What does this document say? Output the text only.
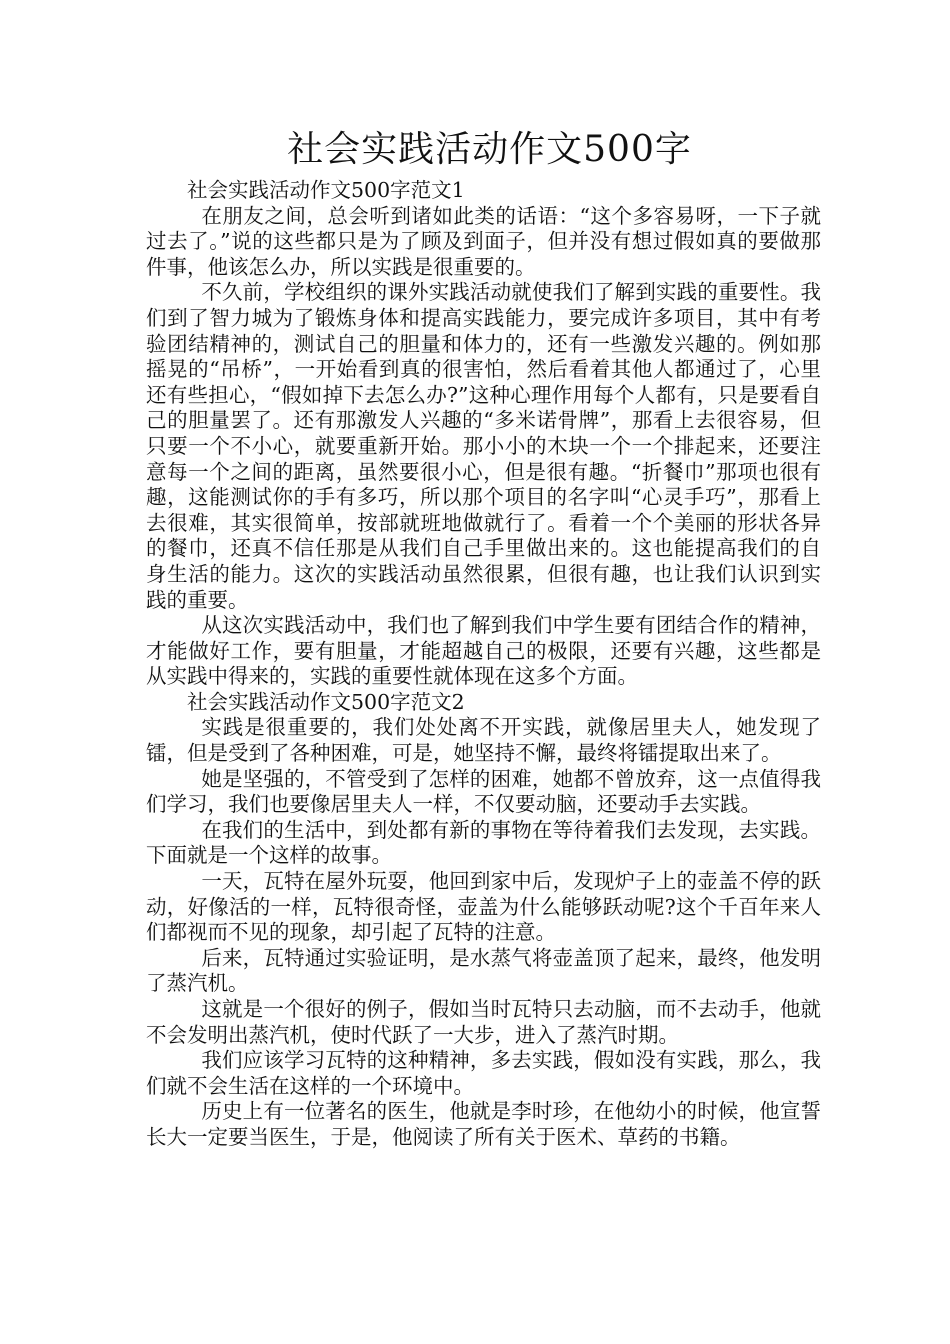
社会实践活动作文500字

社会实践活动作文500字范文1

在朋友之间，总会听到诸如此类的话语：“这个多容易呀，一下子就过去了。”说的这些都只是为了顾及到面子，但并没有想过假如真的要做那件事，他该怎么办，所以实践是很重要的。

不久前，学校组织的课外实践活动就使我们了解到实践的重要性。我们到了智力城为了锻炼身体和提高实践能力，要完成许多项目，其中有考验团结精神的，测试自己的胆量和体力的，还有一些激发兴趣的。例如那摇晃的“吊桥”，一开始看到真的很害怕，然后看着其他人都通过了，心里还有些担心，“假如掉下去怎么办?”这种心理作用每个人都有，只是要看自己的胆量罢了。还有那激发人兴趣的“多米诺骨牌”，那看上去很容易，但只要一个不小心，就要重新开始。那小小的木块一个一个排起来，还要注意每一个之间的距离，虽然要很小心，但是很有趣。“折餐巾”那项也很有趣，这能测试你的手有多巧，所以那个项目的名字叫“心灵手巧”，那看上去很难，其实很简单，按部就班地做就行了。看着一个个美丽的形状各异的餐巾，还真不信任那是从我们自己手里做出来的。这也能提高我们的自身生活的能力。这次的实践活动虽然很累，但很有趣，也让我们认识到实践的重要。

从这次实践活动中，我们也了解到我们中学生要有团结合作的精神，才能做好工作，要有胆量，才能超越自己的极限，还要有兴趣，这些都是从实践中得来的，实践的重要性就体现在这多个方面。

社会实践活动作文500字范文2

实践是很重要的，我们处处离不开实践，就像居里夫人，她发现了镭，但是受到了各种困难，可是，她坚持不懈，最终将镭提取出来了。

她是坚强的，不管受到了怎样的困难，她都不曾放弃，这一点值得我们学习，我们也要像居里夫人一样，不仅要动脑，还要动手去实践。

在我们的生活中，到处都有新的事物在等待着我们去发现，去实践。下面就是一个这样的故事。

一天，瓦特在屋外玩耍，他回到家中后，发现炉子上的壶盖不停的跃动，好像活的一样，瓦特很奇怪，壶盖为什么能够跃动呢?这个千百年来人们都视而不见的现象，却引起了瓦特的注意。

后来，瓦特通过实验证明，是水蒸气将壶盖顶了起来，最终，他发明了蒸汽机。

这就是一个很好的例子，假如当时瓦特只去动脑，而不去动手，他就不会发明出蒸汽机，使时代跃了一大步，进入了蒸汽时期。

我们应该学习瓦特的这种精神，多去实践，假如没有实践，那么，我们就不会生活在这样的一个环境中。

历史上有一位著名的医生，他就是李时珍，在他幼小的时候，他宣誓长大一定要当医生，于是，他阅读了所有关于医术、草药的书籍。
